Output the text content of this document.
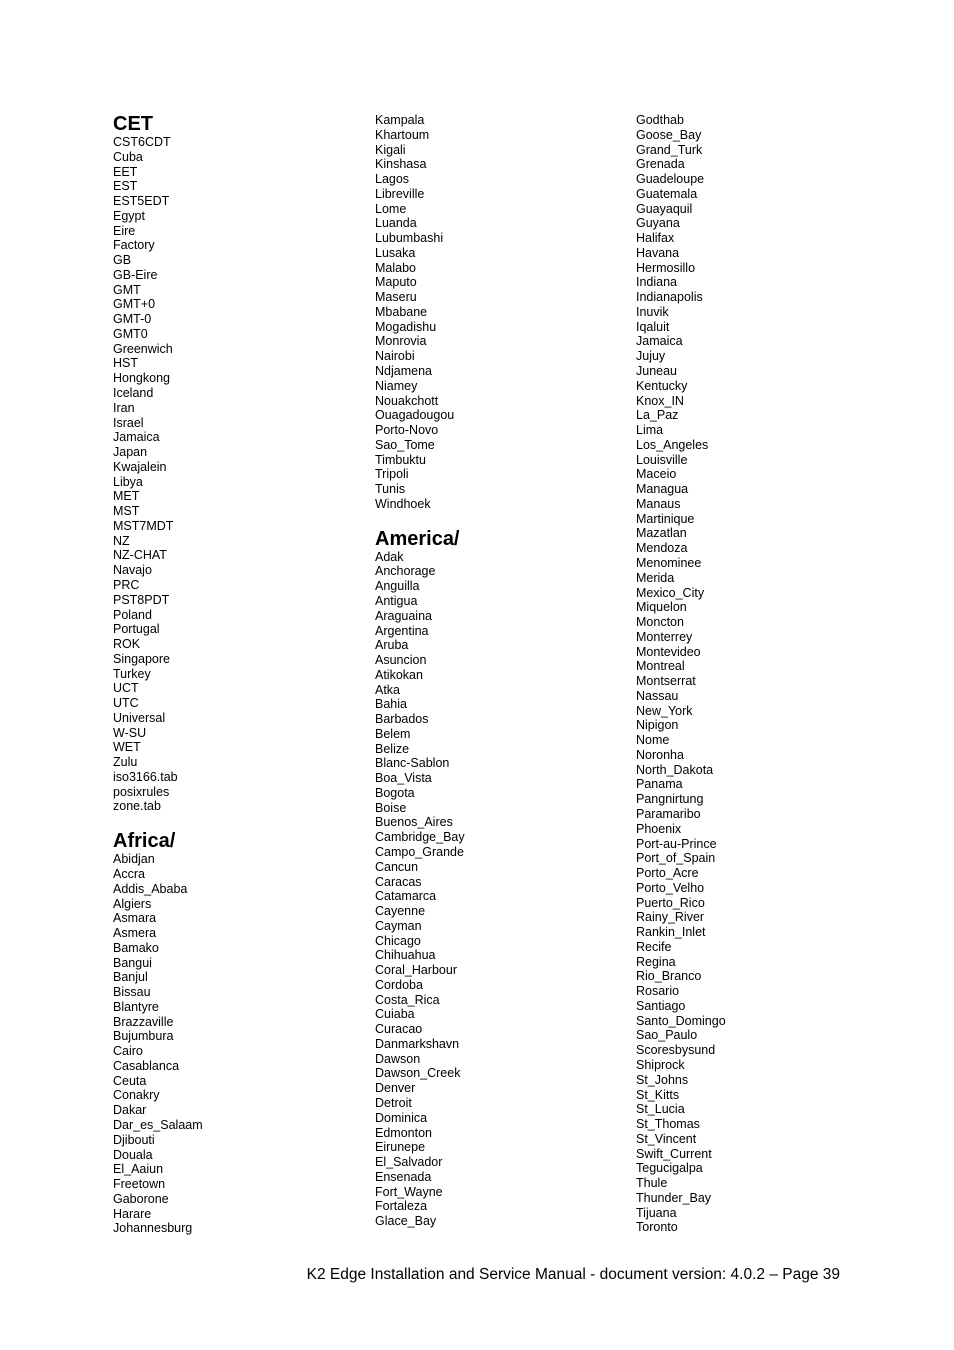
CET
CST6CDT
Cuba
EET
EST
EST5EDT
Egypt
Eire
Factory
GB
GB-Eire
GMT
GMT+0
GMT-0
GMT0
Greenwich
HST
Hongkong
Iceland
Iran
Israel
Jamaica
Japan
Kwajalein
Libya
MET
MST
MST7MDT
NZ
NZ-CHAT
Navajo
PRC
PST8PDT
Poland
Portugal
ROK
Singapore
Turkey
UCT
UTC
Universal
W-SU
WET
Zulu
iso3166.tab
posixrules
zone.tab
Africa/
Abidjan
Accra
Addis_Ababa
Algiers
Asmara
Asmera
Bamako
Bangui
Banjul
Bissau
Blantyre
Brazzaville
Bujumbura
Cairo
Casablanca
Ceuta
Conakry
Dakar
Dar_es_Salaam
Djibouti
Douala
El_Aaiun
Freetown
Gaborone
Harare
Johannesburg
Kampala
Khartoum
Kigali
Kinshasa
Lagos
Libreville
Lome
Luanda
Lubumbashi
Lusaka
Malabo
Maputo
Maseru
Mbabane
Mogadishu
Monrovia
Nairobi
Ndjamena
Niamey
Nouakchott
Ouagadougou
Porto-Novo
Sao_Tome
Timbuktu
Tripoli
Tunis
Windhoek
America/
Adak
Anchorage
Anguilla
Antigua
Araguaina
Argentina
Aruba
Asuncion
Atikokan
Atka
Bahia
Barbados
Belem
Belize
Blanc-Sablon
Boa_Vista
Bogota
Boise
Buenos_Aires
Cambridge_Bay
Campo_Grande
Cancun
Caracas
Catamarca
Cayenne
Cayman
Chicago
Chihuahua
Coral_Harbour
Cordoba
Costa_Rica
Cuiaba
Curacao
Danmarkshavn
Dawson
Dawson_Creek
Denver
Detroit
Dominica
Edmonton
Eirunepe
El_Salvador
Ensenada
Fort_Wayne
Fortaleza
Glace_Bay
Godthab
Goose_Bay
Grand_Turk
Grenada
Guadeloupe
Guatemala
Guayaquil
Guyana
Halifax
Havana
Hermosillo
Indiana
Indianapolis
Inuvik
Iqaluit
Jamaica
Jujuy
Juneau
Kentucky
Knox_IN
La_Paz
Lima
Los_Angeles
Louisville
Maceio
Managua
Manaus
Martinique
Mazatlan
Mendoza
Menominee
Merida
Mexico_City
Miquelon
Moncton
Monterrey
Montevideo
Montreal
Montserrat
Nassau
New_York
Nipigon
Nome
Noronha
North_Dakota
Panama
Pangnirtung
Paramaribo
Phoenix
Port-au-Prince
Port_of_Spain
Porto_Acre
Porto_Velho
Puerto_Rico
Rainy_River
Rankin_Inlet
Recife
Regina
Rio_Branco
Rosario
Santiago
Santo_Domingo
Sao_Paulo
Scoresbysund
Shiprock
St_Johns
St_Kitts
St_Lucia
St_Thomas
St_Vincent
Swift_Current
Tegucigalpa
Thule
Thunder_Bay
Tijuana
Toronto
K2 Edge Installation and Service Manual - document version: 4.0.2 – Page 39
